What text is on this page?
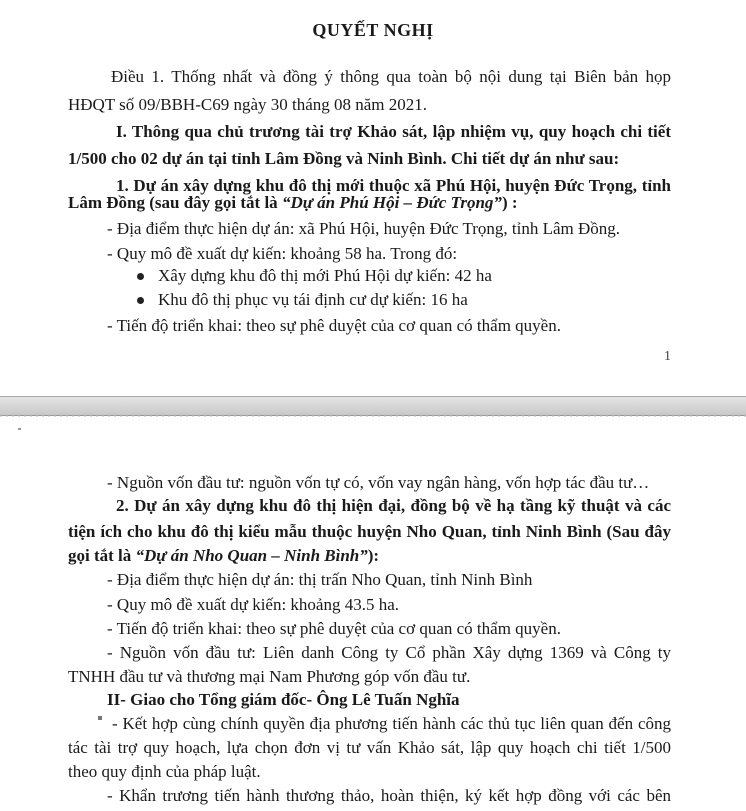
QUYẾT NGHỊ
Điều 1. Thống nhất và đồng ý thông qua toàn bộ nội dung tại Biên bản họp
HĐQT số 09/BBH-C69 ngày 30 tháng 08 năm 2021.
I. Thông qua chủ trương tài trợ Khảo sát, lập nhiệm vụ, quy hoạch chi tiết
1/500 cho 02 dự án tại tỉnh Lâm Đồng và Ninh Bình. Chi tiết dự án như sau:
1. Dự án xây dựng khu đô thị mới thuộc xã Phú Hội, huyện Đức Trọng, tỉnh
Lâm Đồng (sau đây gọi tắt là “Dự án Phú Hội – Đức Trọng”) :
- Địa điểm thực hiện dự án: xã Phú Hội, huyện Đức Trọng, tỉnh Lâm Đồng.
- Quy mô đề xuất dự kiến: khoảng 58 ha. Trong đó:
Xây dựng khu đô thị mới Phú Hội dự kiến: 42 ha
Khu đô thị phục vụ tái định cư dự kiến: 16 ha
- Tiến độ triển khai: theo sự phê duyệt của cơ quan có thẩm quyền.
1
- Nguồn vốn đầu tư: nguồn vốn tự có, vốn vay ngân hàng, vốn hợp tác đầu tư…
2. Dự án xây dựng khu đô thị hiện đại, đồng bộ về hạ tầng kỹ thuật và các
tiện ích cho khu đô thị kiểu mẫu thuộc huyện Nho Quan, tỉnh Ninh Bình (Sau đây
gọi tắt là “Dự án Nho Quan – Ninh Bình”):
- Địa điểm thực hiện dự án: thị trấn Nho Quan, tỉnh Ninh Bình
- Quy mô đề xuất dự kiến: khoảng 43.5 ha.
- Tiến độ triển khai: theo sự phê duyệt của cơ quan có thẩm quyền.
- Nguồn vốn đầu tư: Liên danh Công ty Cổ phần Xây dựng 1369 và Công ty
TNHH đầu tư và thương mại Nam Phương góp vốn đầu tư.
II- Giao cho Tổng giám đốc- Ông Lê Tuấn Nghĩa
- Kết hợp cùng chính quyền địa phương tiến hành các thủ tục liên quan đến công
tác tài trợ quy hoạch, lựa chọn đơn vị tư vấn Khảo sát, lập quy hoạch chi tiết 1/500
theo quy định của pháp luật.
- Khẩn trương tiến hành thương thảo, hoàn thiện, ký kết hợp đồng với các bên
